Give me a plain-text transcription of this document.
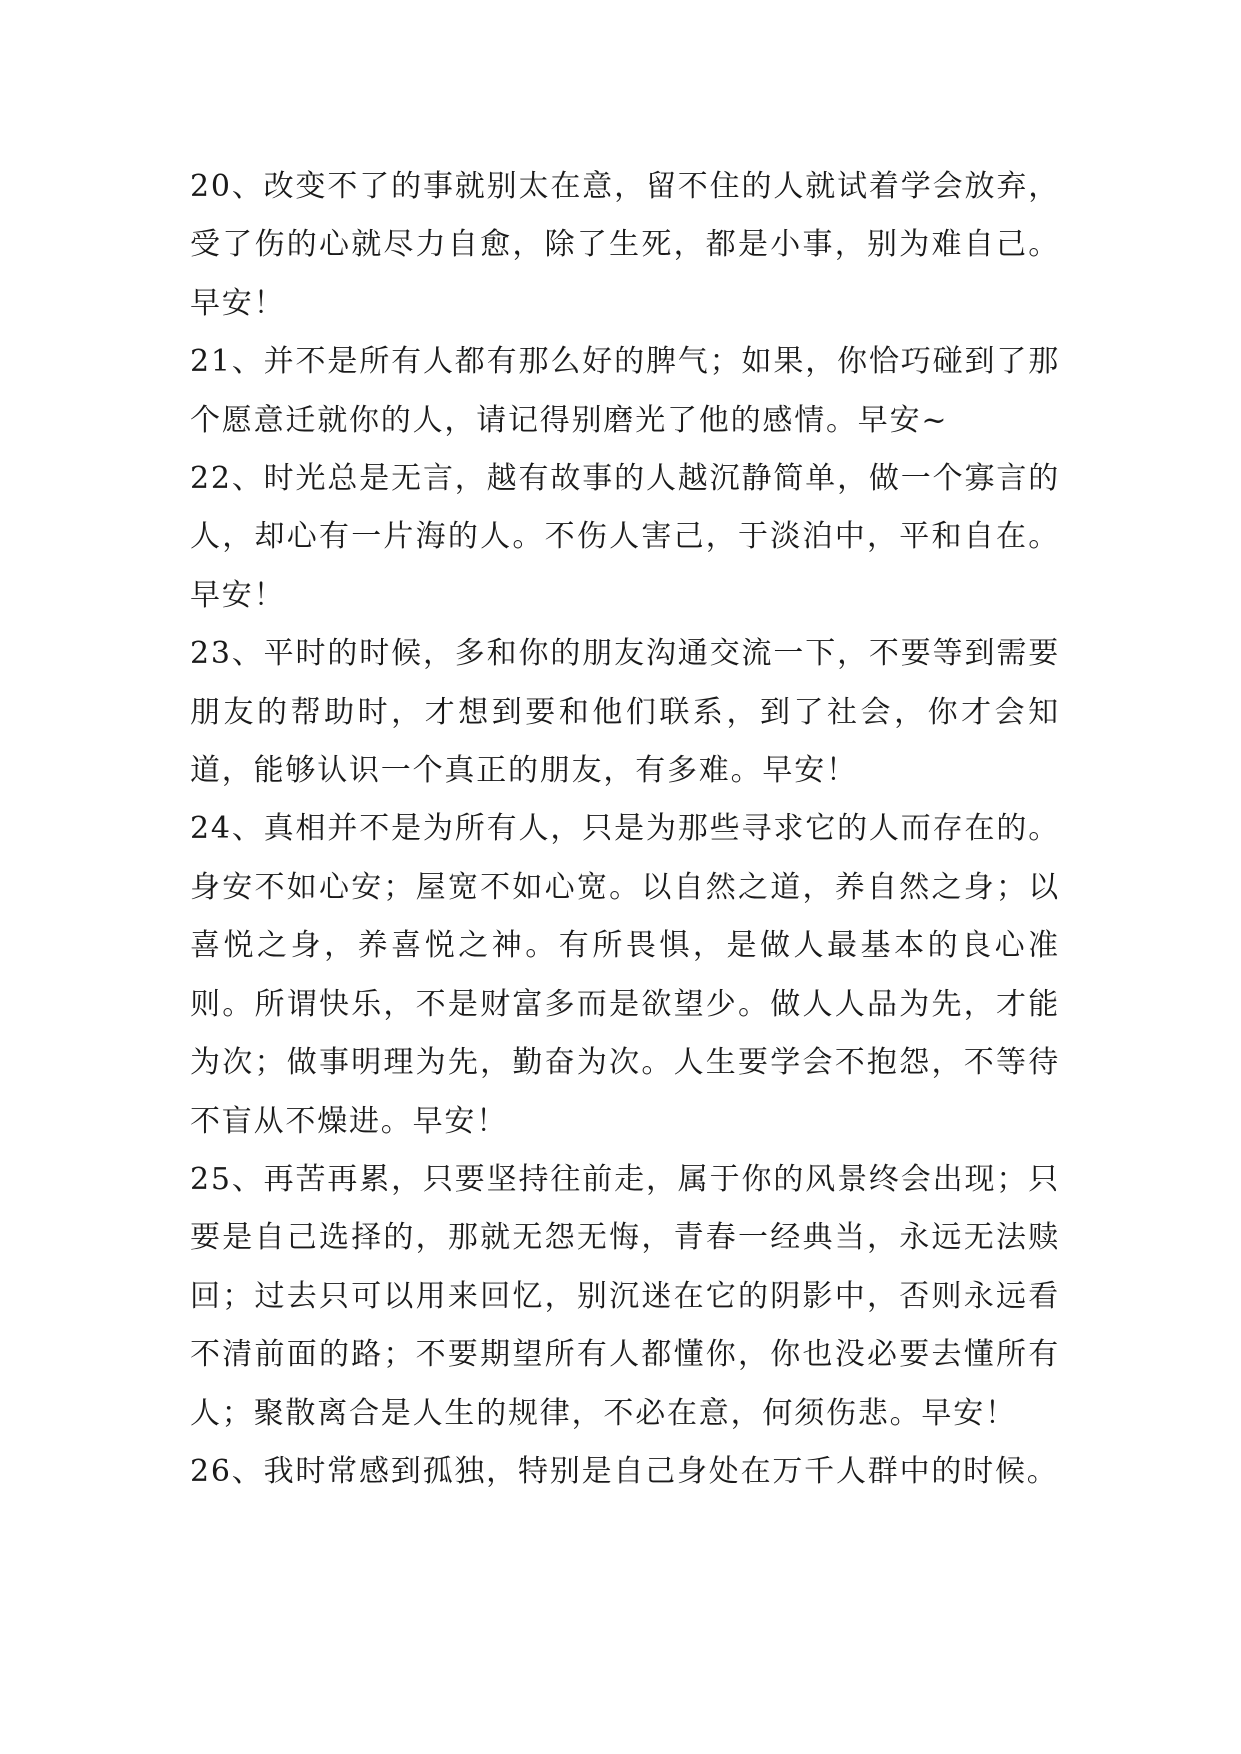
20、改变不了的事就别太在意，留不住的人就试着学会放弃，受了伤的心就尽力自愈，除了生死，都是小事，别为难自己。早安！

21、并不是所有人都有那么好的脾气；如果，你恰巧碰到了那个愿意迁就你的人，请记得别磨光了他的感情。早安~

22、时光总是无言，越有故事的人越沉静简单，做一个寡言的人，却心有一片海的人。不伤人害己，于淡泊中，平和自在。早安！

23、平时的时候，多和你的朋友沟通交流一下，不要等到需要朋友的帮助时，才想到要和他们联系，到了社会，你才会知道，能够认识一个真正的朋友，有多难。早安！

24、真相并不是为所有人，只是为那些寻求它的人而存在的。身安不如心安；屋宽不如心宽。以自然之道，养自然之身；以喜悦之身，养喜悦之神。有所畏惧，是做人最基本的良心准则。所谓快乐，不是财富多而是欲望少。做人人品为先，才能为次；做事明理为先，勤奋为次。人生要学会不抱怨，不等待不盲从不燥进。早安！

25、再苦再累，只要坚持往前走，属于你的风景终会出现；只要是自己选择的，那就无怨无悔，青春一经典当，永远无法赎回；过去只可以用来回忆，别沉迷在它的阴影中，否则永远看不清前面的路；不要期望所有人都懂你，你也没必要去懂所有人；聚散离合是人生的规律，不必在意，何须伤悲。早安！

26、我时常感到孤独，特别是自己身处在万千人群中的时候。
